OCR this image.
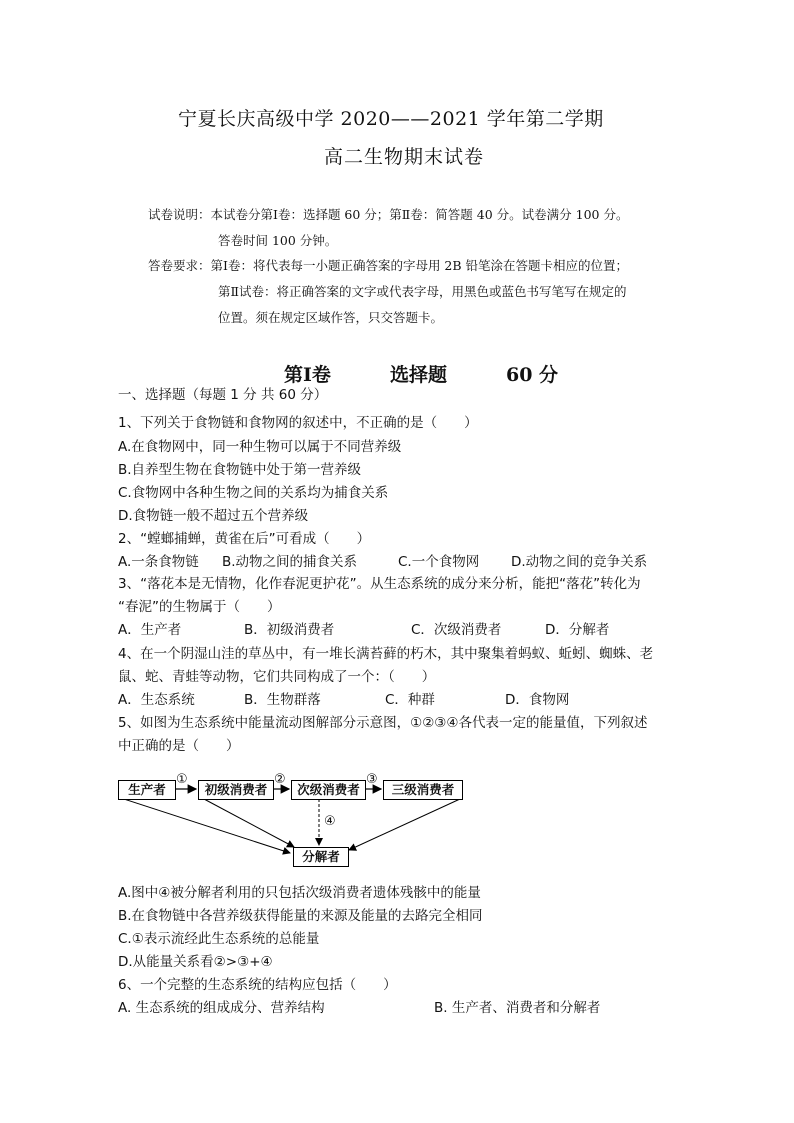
宁夏长庆高级中学 2020——2021 学年第二学期
高二生物期末试卷
试卷说明：本试卷分第Ⅰ卷：选择题 60 分；第Ⅱ卷：简答题 40 分。试卷满分 100 分。
答卷时间 100 分钟。
答卷要求：第Ⅰ卷：将代表每一小题正确答案的字母用 2B 铅笔涂在答题卡相应的位置；
第Ⅱ试卷：将正确答案的文字或代表字母，用黑色或蓝色书写笔写在规定的
位置。须在规定区域作答，只交答题卡。
第Ⅰ卷	选择题	60 分
一、选择题（每题 1 分 共 60 分）
1、下列关于食物链和食物网的叙述中，不正确的是（　　）
A.在食物网中，同一种生物可以属于不同营养级
B.自养型生物在食物链中处于第一营养级
C.食物网中各种生物之间的关系均为捕食关系
D.食物链一般不超过五个营养级
2、“螳螂捕蝉，黄雀在后”可看成（　　）
A.一条食物链 B.动物之间的捕食关系	C.一个食物网 D.动物之间的竞争关系
3、“落花本是无情物，化作春泥更护花”。从生态系统的成分来分析，能把“落花”转化为
“春泥”的生物属于（　　）
A．生产者	B．初级消费者	C．次级消费者	D．分解者
4、在一个阴湿山洼的草丛中，有一堆长满苔藓的朽木，其中聚集着蚂蚁、蚯蚓、蜘蛛、老
鼠、蛇、青蛙等动物，它们共同构成了一个：（　　）
A．生态系统	B．生物群落	C．种群	D．食物网
5、如图为生态系统中能量流动图解部分示意图，①②③④各代表一定的能量值，下列叙述
中正确的是（　　）
生产者
①
初级消费者
②
次级消费者
③
三级消费者
④
分解者
A.图中④被分解者利用的只包括次级消费者遗体残骸中的能量
B.在食物链中各营养级获得能量的来源及能量的去路完全相同
C.①表示流经此生态系统的总能量
D.从能量关系看②>③+④
6、一个完整的生态系统的结构应包括（　　）
A. 生态系统的组成成分、营养结构	B. 生产者、消费者和分解者
